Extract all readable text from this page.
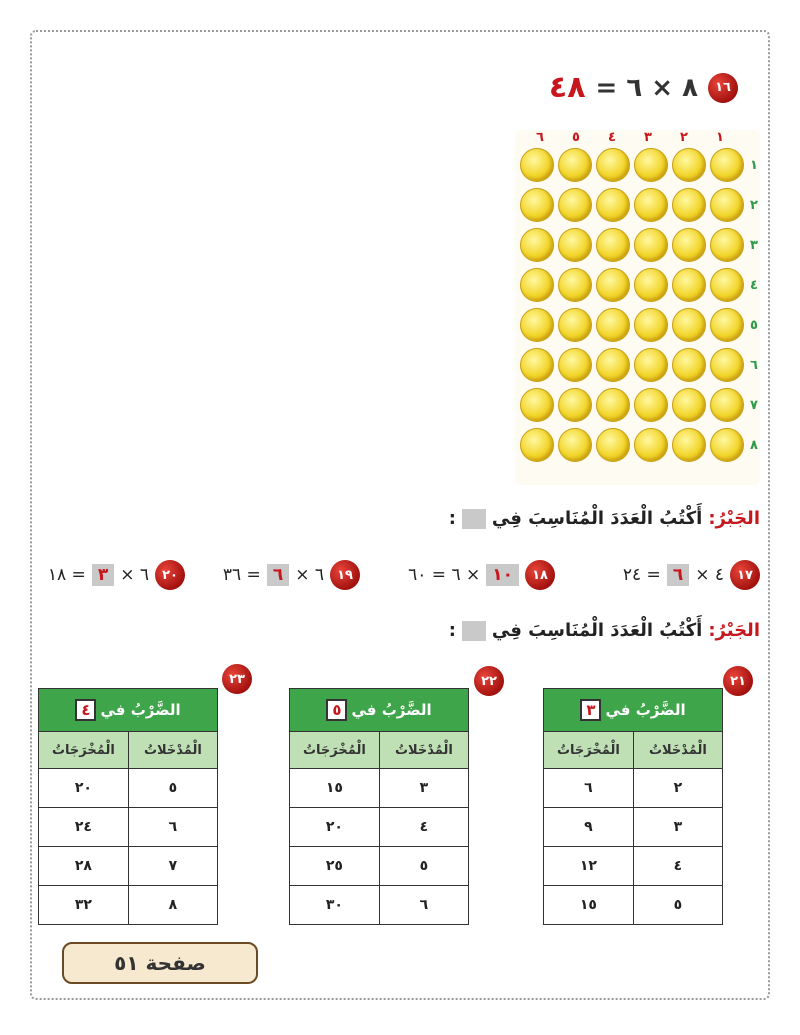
١٦
٨ × ٦ =
٤٨
٦	٥	٤	٣	٢	١
١
٢
٣
٤
٥
٦
٧
٨
الجَبْرُ:
أَكْتُبُ الْعَدَدَ الْمُنَاسِبَ فِي
:
١٧
٤ ×
٦
= ٢٤
١٨
١٠
× ٦ = ٦٠
١٩
٦ ×
٦
= ٣٦
٢٠
٦ ×
٣
= ١٨
الجَبْرُ:
أَكْتُبُ الْعَدَدَ الْمُنَاسِبَ فِي
:
٢١
٢٢
٢٣
الضَّرْبُ في٣	
الْمُدْخَلاتُ	الْمُخْرَجَاتُ
٢	٦
٣	٩
٤	١٢
٥	١٥
الضَّرْبُ في٥	
الْمُدْخَلاتُ	الْمُخْرَجَاتُ
٣	١٥
٤	٢٠
٥	٢٥
٦	٣٠
الضَّرْبُ في٤	
الْمُدْخَلاتُ	الْمُخْرَجَاتُ
٥	٢٠
٦	٢٤
٧	٢٨
٨	٣٢
صفحة ٥١
